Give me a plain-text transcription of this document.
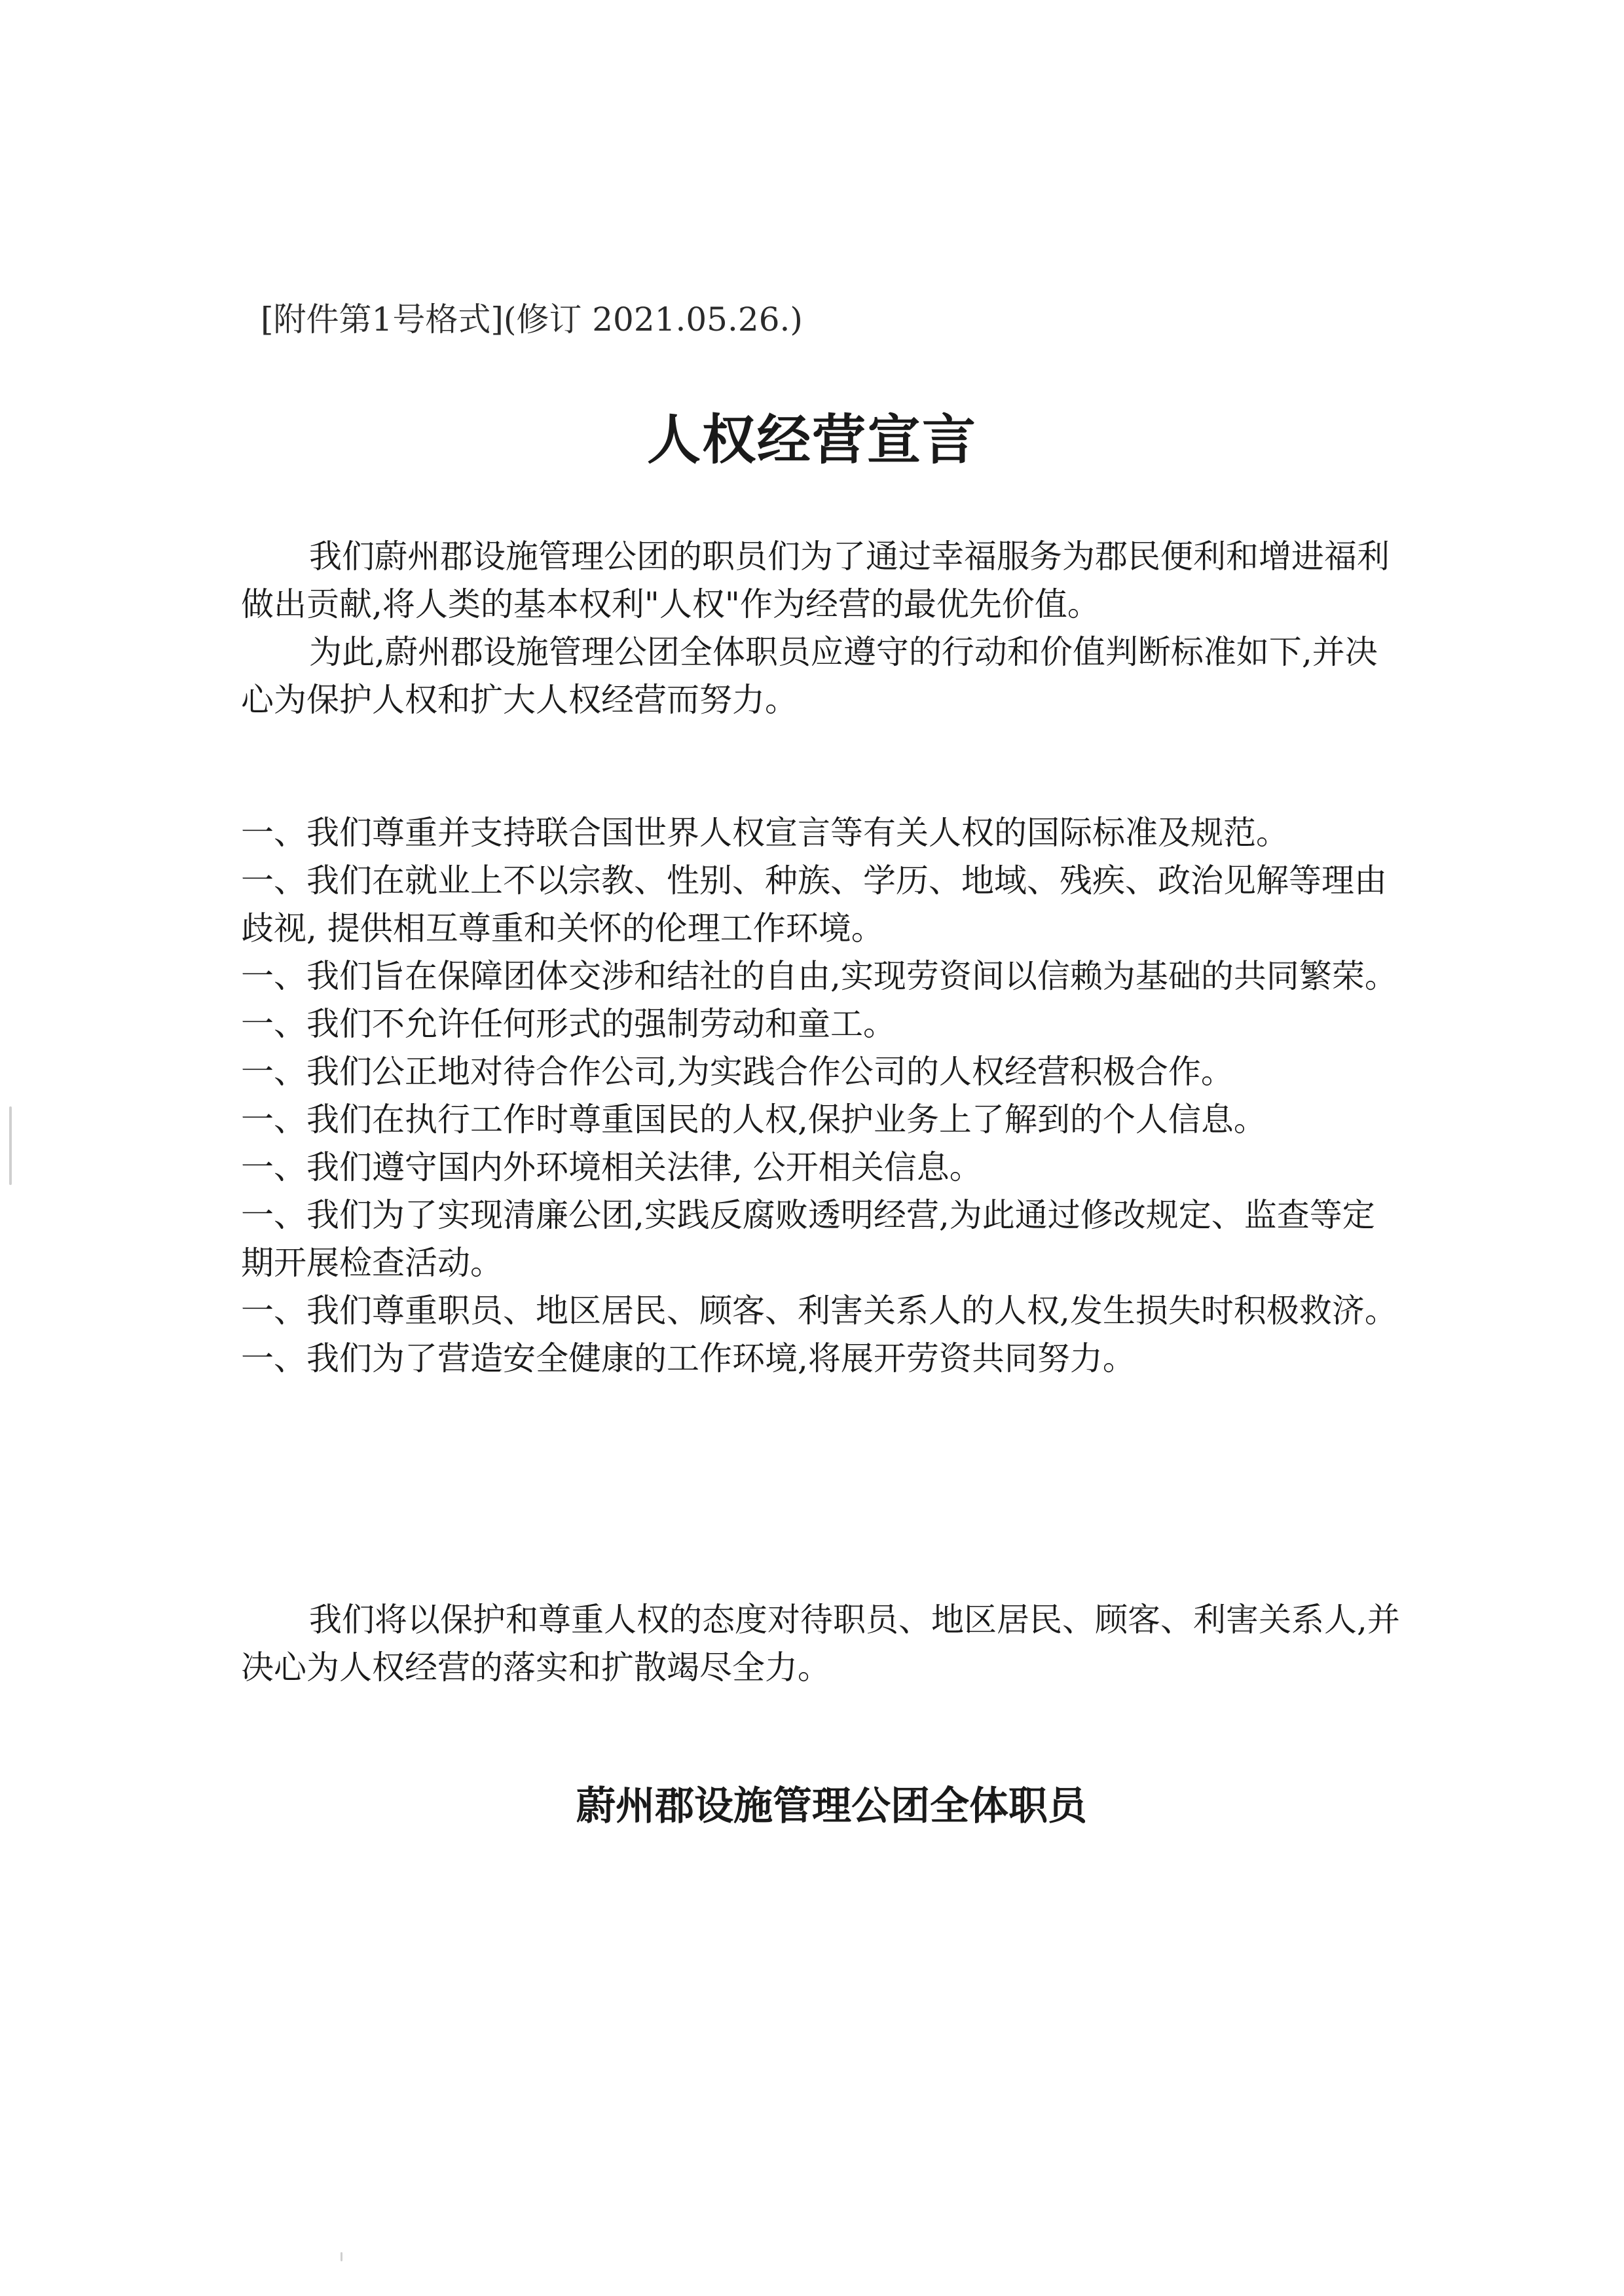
[附件第1号格式](修订 2021.05.26.)
人权经营宣言

我们蔚州郡设施管理公团的职员们为了通过幸福服务为郡民便利和增进福利做出贡献,将人类的基本权利"人权"作为经营的最优先价值。

为此,蔚州郡设施管理公团全体职员应遵守的行动和价值判断标准如下,并决心为保护人权和扩大人权经营而努力。

一、我们尊重并支持联合国世界人权宣言等有关人权的国际标准及规范。

一、我们在就业上不以宗教、性别、种族、学历、地域、残疾、政治见解等理由歧视, 提供相互尊重和关怀的伦理工作环境。

一、我们旨在保障团体交涉和结社的自由,实现劳资间以信赖为基础的共同繁荣。

一、我们不允许任何形式的强制劳动和童工。

一、我们公正地对待合作公司,为实践合作公司的人权经营积极合作。

一、我们在执行工作时尊重国民的人权,保护业务上了解到的个人信息。

一、我们遵守国内外环境相关法律, 公开相关信息。

一、我们为了实现清廉公团,实践反腐败透明经营,为此通过修改规定、监查等定期开展检查活动。

一、我们尊重职员、地区居民、顾客、利害关系人的人权,发生损失时积极救济。

一、我们为了营造安全健康的工作环境,将展开劳资共同努力。

我们将以保护和尊重人权的态度对待职员、地区居民、顾客、利害关系人,并决心为人权经营的落实和扩散竭尽全力。

蔚州郡设施管理公团全体职员
